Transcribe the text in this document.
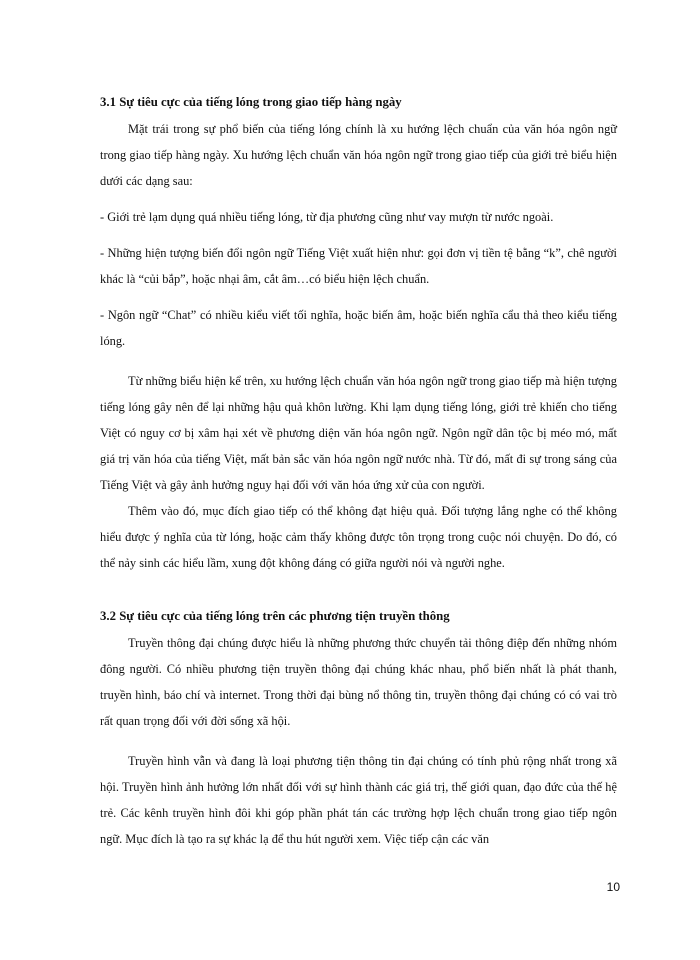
3.1 Sự tiêu cực của tiếng lóng trong giao tiếp hàng ngày

Mặt trái trong sự phổ biến của tiếng lóng chính là xu hướng lệch chuẩn của văn hóa ngôn ngữ trong giao tiếp hàng ngày. Xu hướng lệch chuẩn văn hóa ngôn ngữ trong giao tiếp của giới trẻ biểu hiện dưới các dạng sau:

- Giới trẻ lạm dụng quá nhiều tiếng lóng, từ địa phương cũng như vay mượn từ nước ngoài.

- Những hiện tượng biến đổi ngôn ngữ Tiếng Việt xuất hiện như: gọi đơn vị tiền tệ bằng “k”, chê người khác là “củi bắp”, hoặc nhại âm, cắt âm…có biểu hiện lệch chuẩn.

- Ngôn ngữ “Chat” có nhiều kiểu viết tối nghĩa, hoặc biến âm, hoặc biến nghĩa cẩu thả theo kiểu tiếng lóng.

Từ những biểu hiện kể trên, xu hướng lệch chuẩn văn hóa ngôn ngữ trong giao tiếp mà hiện tượng tiếng lóng gây nên để lại những hậu quả khôn lường. Khi lạm dụng tiếng lóng, giới trẻ khiến cho tiếng Việt có nguy cơ bị xâm hại xét về phương diện văn hóa ngôn ngữ. Ngôn ngữ dân tộc bị méo mó, mất giá trị văn hóa của tiếng Việt, mất bản sắc văn hóa ngôn ngữ nước nhà. Từ đó, mất đi sự trong sáng của Tiếng Việt và gây ảnh hưởng nguy hại đối với văn hóa ứng xử của con người.

Thêm vào đó, mục đích giao tiếp có thể không đạt hiệu quả. Đối tượng lắng nghe có thể không hiểu được ý nghĩa của từ lóng, hoặc cảm thấy không được tôn trọng trong cuộc nói chuyện. Do đó, có thể nảy sinh các hiểu lầm, xung đột không đáng có giữa người nói và người nghe.

3.2 Sự tiêu cực của tiếng lóng trên các phương tiện truyền thông

Truyền thông đại chúng được hiểu là những phương thức chuyển tải thông điệp đến những nhóm đông người. Có nhiều phương tiện truyền thông đại chúng khác nhau, phổ biến nhất là phát thanh, truyền hình, báo chí và internet. Trong thời đại bùng nổ thông tin, truyền thông đại chúng có có vai trò rất quan trọng đối với đời sống xã hội.

Truyền hình vẫn và đang là loại phương tiện thông tin đại chúng có tính phủ rộng nhất trong xã hội. Truyền hình ảnh hưởng lớn nhất đối với sự hình thành các giá trị, thế giới quan, đạo đức của thế hệ trẻ. Các kênh truyền hình đôi khi góp phần phát tán các trường hợp lệch chuẩn trong giao tiếp ngôn ngữ. Mục đích là tạo ra sự khác lạ để thu hút người xem. Việc tiếp cận các văn

10
